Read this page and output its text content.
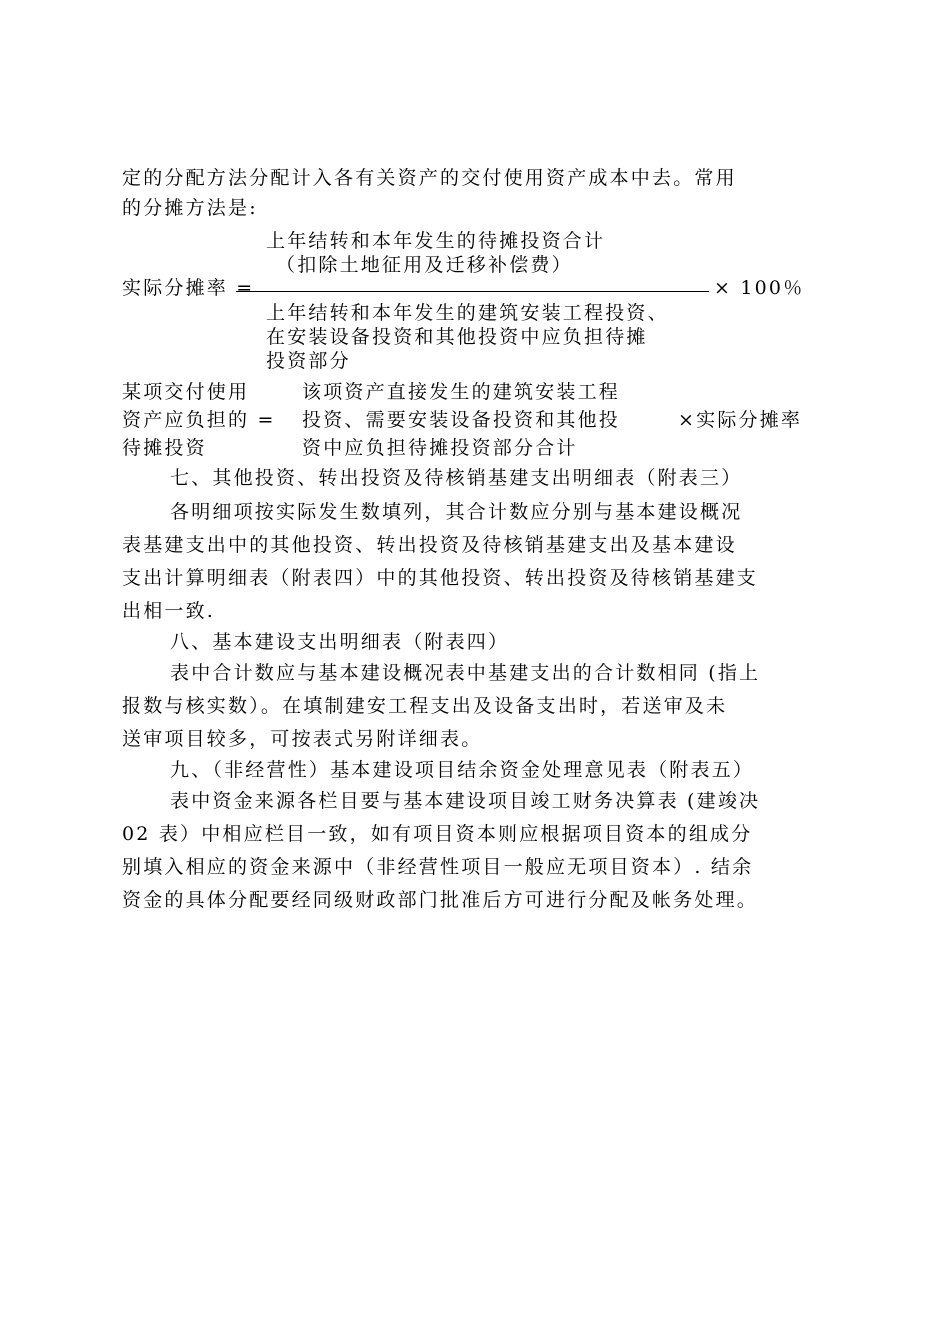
定的分配方法分配计入各有关资产的交付使用资产成本中去。常用
的分摊方法是:
上年结转和本年发生的待摊投资合计
（扣除土地征用及迁移补偿费）
实际分摊率 =	× 100％
上年结转和本年发生的建筑安装工程投资、
在安装设备投资和其他投资中应负担待摊
投资部分
某项交付使用
资产应负担的 =
待摊投资
该项资产直接发生的建筑安装工程
投资、需要安装设备投资和其他投
资中应负担待摊投资部分合计
×实际分摊率
七、其他投资、转出投资及待核销基建支出明细表（附表三）
各明细项按实际发生数填列，其合计数应分别与基本建设概况
表基建支出中的其他投资、转出投资及待核销基建支出及基本建设
支出计算明细表（附表四）中的其他投资、转出投资及待核销基建支
出相一致.
八、基本建设支出明细表（附表四）
表中合计数应与基本建设概况表中基建支出的合计数相同 (指上
报数与核实数）。在填制建安工程支出及设备支出时，若送审及未
送审项目较多，可按表式另附详细表。
九、（非经营性）基本建设项目结余资金处理意见表（附表五）
表中资金来源各栏目要与基本建设项目竣工财务决算表 (建竣决
02 表）中相应栏目一致，如有项目资本则应根据项目资本的组成分
别填入相应的资金来源中（非经营性项目一般应无项目资本）. 结余
资金的具体分配要经同级财政部门批准后方可进行分配及帐务处理。
